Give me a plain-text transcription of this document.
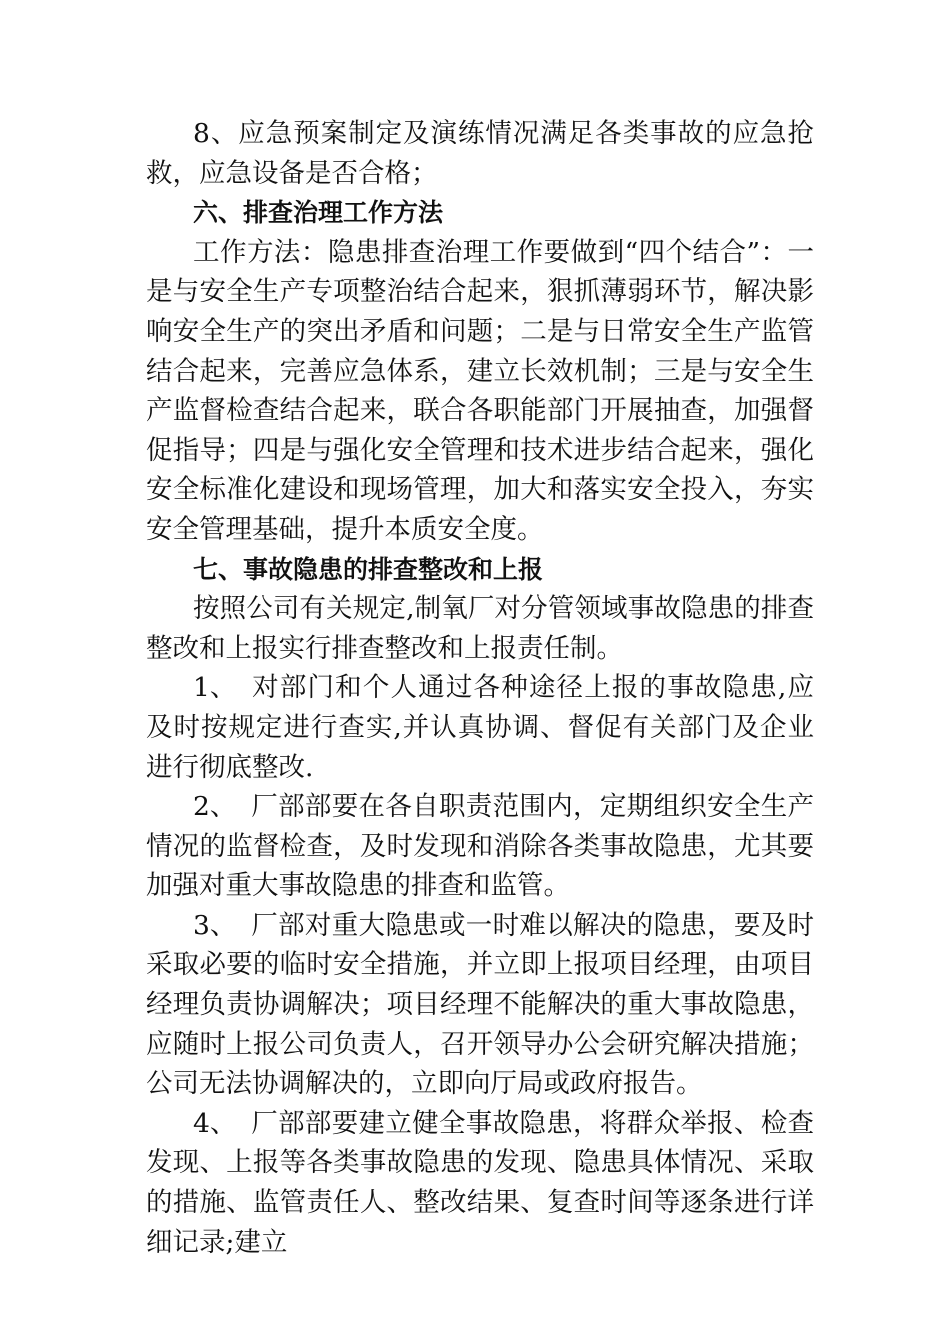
8、应急预案制定及演练情况满足各类事故的应急抢救，应急设备是否合格；

六、排查治理工作方法

工作方法：隐患排查治理工作要做到“四个结合”：一是与安全生产专项整治结合起来，狠抓薄弱环节，解决影响安全生产的突出矛盾和问题；二是与日常安全生产监管结合起来，完善应急体系，建立长效机制；三是与安全生产监督检查结合起来，联合各职能部门开展抽查，加强督促指导；四是与强化安全管理和技术进步结合起来，强化安全标准化建设和现场管理，加大和落实安全投入，夯实安全管理基础，提升本质安全度。

七、事故隐患的排查整改和上报

按照公司有关规定,制氧厂对分管领域事故隐患的排查整改和上报实行排查整改和上报责任制。

1、 对部门和个人通过各种途径上报的事故隐患,应及时按规定进行查实,并认真协调、督促有关部门及企业进行彻底整改.

2、 厂部部要在各自职责范围内，定期组织安全生产情况的监督检查，及时发现和消除各类事故隐患，尤其要加强对重大事故隐患的排查和监管。

3、 厂部对重大隐患或一时难以解决的隐患，要及时采取必要的临时安全措施，并立即上报项目经理，由项目经理负责协调解决；项目经理不能解决的重大事故隐患，应随时上报公司负责人，召开领导办公会研究解决措施；公司无法协调解决的，立即向厅局或政府报告。

4、 厂部部要建立健全事故隐患，将群众举报、检查发现、上报等各类事故隐患的发现、隐患具体情况、采取的措施、监管责任人、整改结果、复查时间等逐条进行详细记录;建立
